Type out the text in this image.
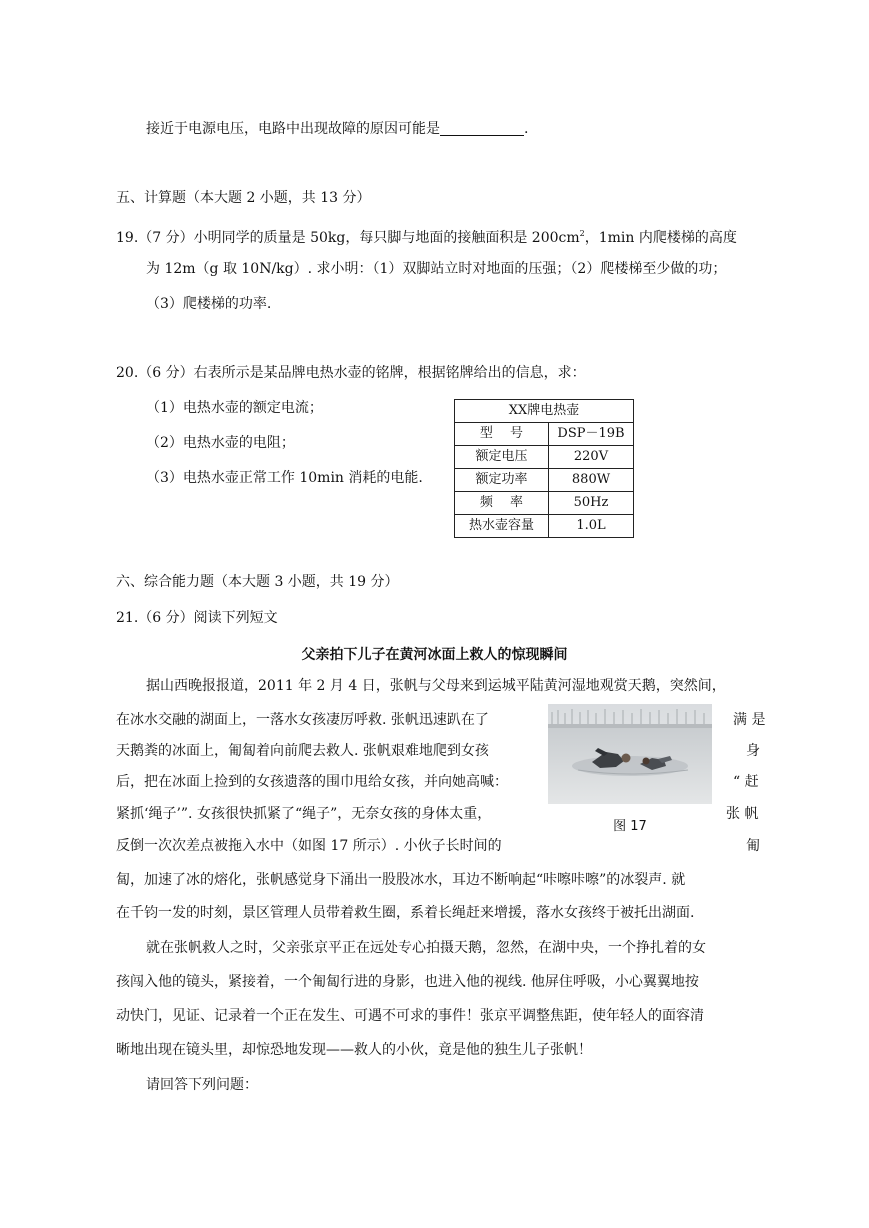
接近于电源电压，电路中出现故障的原因可能是	.
五、计算题（本大题 2 小题，共 13 分）
19.（7 分）小明同学的质量是 50kg，每只脚与地面的接触面积是 $200cm^2$，1min 内爬楼梯的高度
为 12m（g 取 10N/kg）. 求小明：（1）双脚站立时对地面的压强；（2）爬楼梯至少做的功；
（3）爬楼梯的功率.
20.（6 分）右表所示是某品牌电热水壶的铭牌，根据铭牌给出的信息，求：
（1）电热水壶的额定电流；
（2）电热水壶的电阻；
（3）电热水壶正常工作 10min 消耗的电能.
XX牌电热壶	
型　 号	DSP－19B
额定电压	220V
额定功率	880W
频　 率	50Hz
热水壶容量	1.0L
六、综合能力题（本大题 3 小题，共 19 分）
21.（6 分）阅读下列短文
父亲拍下儿子在黄河冰面上救人的惊现瞬间
据山西晚报报道，2011 年 2 月 4 日，张帆与父母来到运城平陆黄河湿地观赏天鹅，突然间，
在冰水交融的湖面上，一落水女孩凄厉呼救. 张帆迅速趴在了	满 是
天鹅粪的冰面上，匍匐着向前爬去救人. 张帆艰难地爬到女孩	身
后，把在冰面上捡到的女孩遗落的围巾甩给女孩，并向她高喊：	“ 赶
紧抓‘绳子’”. 女孩很快抓紧了“绳子”，无奈女孩的身体太重，	张 帆
反倒一次次差点被拖入水中（如图 17 所示）. 小伙子长时间的	匍
匐，加速了冰的熔化，张帆感觉身下涌出一股股冰水，耳边不断响起“咔嚓咔嚓”的冰裂声. 就
在千钧一发的时刻，景区管理人员带着救生圈，系着长绳赶来增援，落水女孩终于被托出湖面.
就在张帆救人之时，父亲张京平正在远处专心拍摄天鹅，忽然，在湖中央，一个挣扎着的女
孩闯入他的镜头，紧接着，一个匍匐行进的身影，也进入他的视线. 他屏住呼吸，小心翼翼地按
动快门，见证、记录着一个正在发生、可遇不可求的事件！张京平调整焦距，使年轻人的面容清
晰地出现在镜头里，却惊恐地发现——救人的小伙，竟是他的独生儿子张帆！
请回答下列问题：
图 17
